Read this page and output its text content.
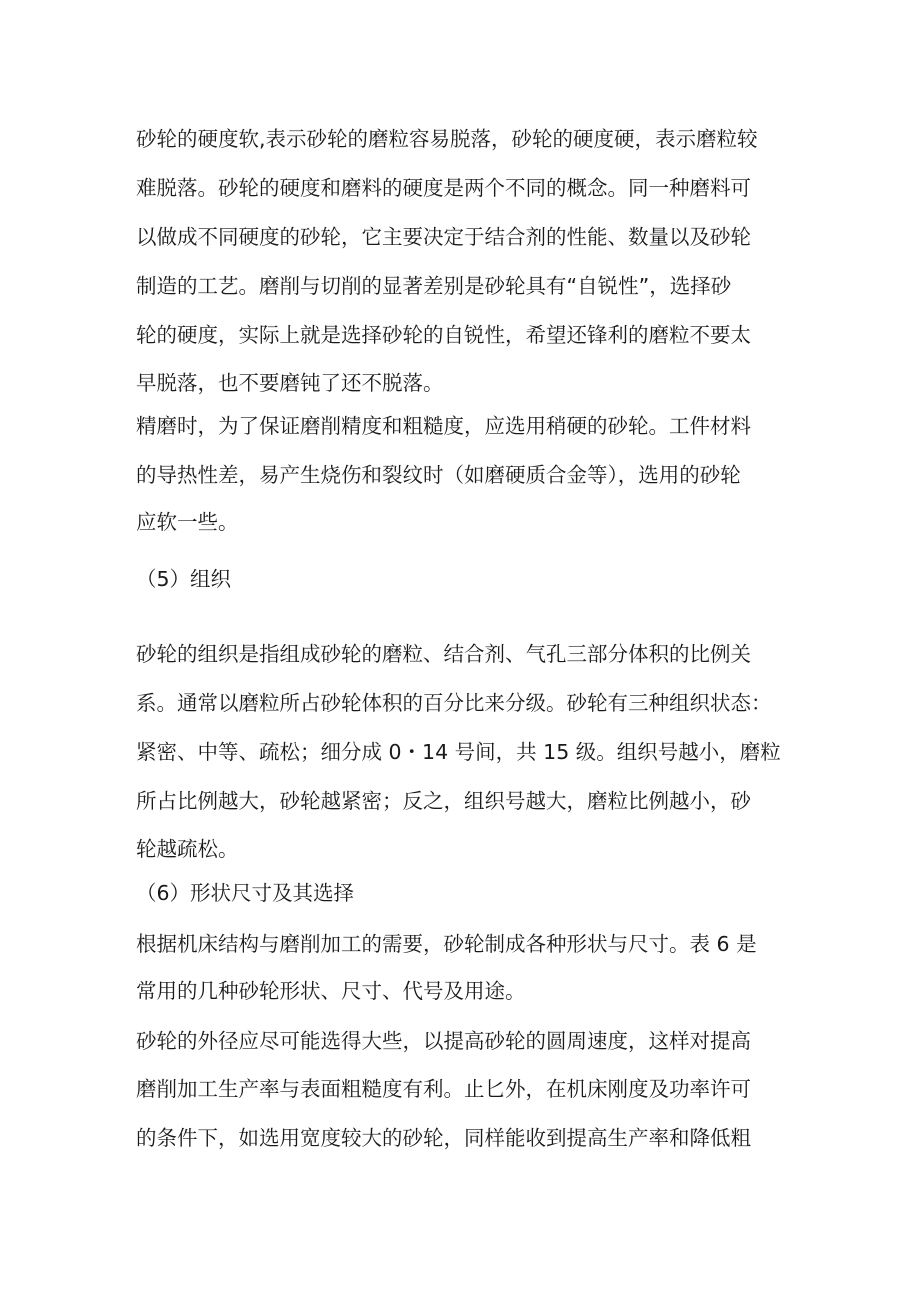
砂轮的硬度软,表示砂轮的磨粒容易脱落，砂轮的硬度硬，表示磨粒较
难脱落。砂轮的硬度和磨料的硬度是两个不同的概念。同一种磨料可
以做成不同硬度的砂轮，它主要决定于结合剂的性能、数量以及砂轮
制造的工艺。磨削与切削的显著差别是砂轮具有“自锐性”，选择砂
轮的硬度，实际上就是选择砂轮的自锐性，希望还锋利的磨粒不要太
早脱落，也不要磨钝了还不脱落。
精磨时，为了保证磨削精度和粗糙度，应选用稍硬的砂轮。工件材料
的导热性差，易产生烧伤和裂纹时（如磨硬质合金等），选用的砂轮
应软一些。
（5）组织
砂轮的组织是指组成砂轮的磨粒、结合剂、气孔三部分体积的比例关
系。通常以磨粒所占砂轮体积的百分比来分级。砂轮有三种组织状态：
紧密、中等、疏松；细分成 0・14 号间，共 15 级。组织号越小，磨粒
所占比例越大，砂轮越紧密；反之，组织号越大，磨粒比例越小，砂
轮越疏松。
（6）形状尺寸及其选择
根据机床结构与磨削加工的需要，砂轮制成各种形状与尺寸。表 6 是
常用的几种砂轮形状、尺寸、代号及用途。
砂轮的外径应尽可能选得大些，以提高砂轮的圆周速度，这样对提高
磨削加工生产率与表面粗糙度有利。止匕外，在机床刚度及功率许可
的条件下，如选用宽度较大的砂轮，同样能收到提高生产率和降低粗
